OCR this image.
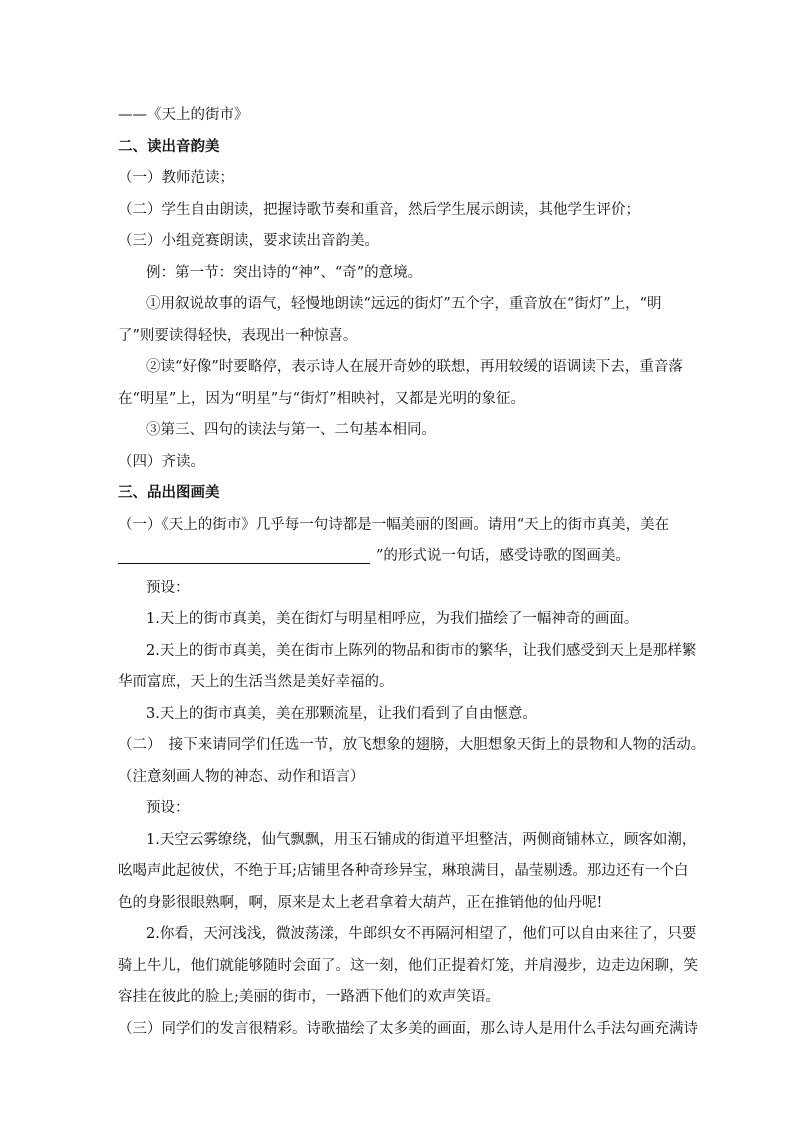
——《天上的街市》
二、读出音韵美
（一）教师范读；
（二）学生自由朗读，把握诗歌节奏和重音，然后学生展示朗读，其他学生评价；
（三）小组竞赛朗读，要求读出音韵美。
例：第一节：突出诗的“神”、“奇”的意境。
①用叙说故事的语气，轻慢地朗读“远远的街灯”五个字，重音放在“街灯”上，“明
了”则要读得轻快，表现出一种惊喜。
②读“好像”时要略停，表示诗人在展开奇妙的联想，再用较缓的语调读下去，重音落
在“明星”上，因为“明星”与“街灯”相映衬，又都是光明的象征。
③第三、四句的读法与第一、二句基本相同。
（四）齐读。
三、品出图画美
（一）《天上的街市》几乎每一句诗都是一幅美丽的图画。请用“天上的街市真美，美在
”的形式说一句话，感受诗歌的图画美。
预设：
1.天上的街市真美，美在街灯与明星相呼应，为我们描绘了一幅神奇的画面。
2.天上的街市真美，美在街市上陈列的物品和街市的繁华，让我们感受到天上是那样繁
华而富庶，天上的生活当然是美好幸福的。
3.天上的街市真美，美在那颗流星，让我们看到了自由惬意。
（二）　接下来请同学们任选一节，放飞想象的翅膀，大胆想象天街上的景物和人物的活动。
（注意刻画人物的神态、动作和语言）
预设：
1.天空云雾缭绕，仙气飘飘，用玉石铺成的街道平坦整洁，两侧商铺林立，顾客如潮，
吆喝声此起彼伏，不绝于耳;店铺里各种奇珍异宝，琳琅满目，晶莹剔透。那边还有一个白
色的身影很眼熟啊，啊，原来是太上老君拿着大葫芦，正在推销他的仙丹呢!
2.你看，天河浅浅，微波荡漾，牛郎织女不再隔河相望了，他们可以自由来往了，只要
骑上牛儿，他们就能够随时会面了。这一刻，他们正提着灯笼，并肩漫步，边走边闲聊，笑
容挂在彼此的脸上;美丽的街市，一路洒下他们的欢声笑语。
（三）同学们的发言很精彩。诗歌描绘了太多美的画面，那么诗人是用什么手法勾画充满诗
